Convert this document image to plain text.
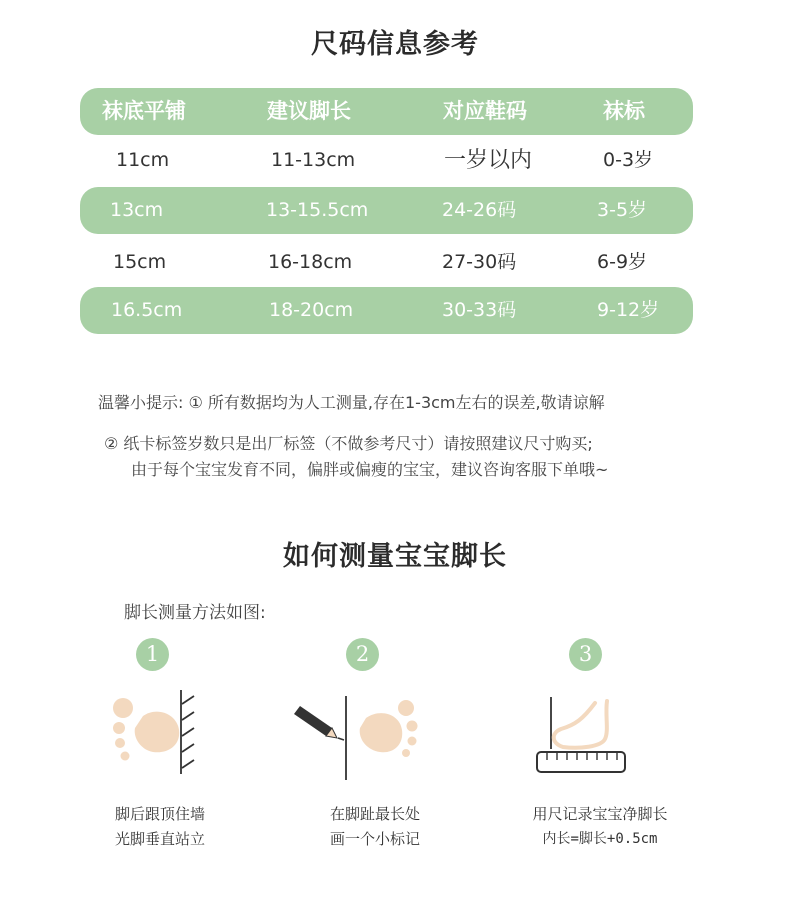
尺码信息参考
袜底平铺	建议脚长	对应鞋码	袜标
11cm	11-13cm	一岁以内	0-3岁
13cm	13-15.5cm	24-26码	3-5岁
15cm	16-18cm	27-30码	6-9岁
16.5cm	18-20cm	30-33码	9-12岁
温馨小提示: ① 所有数据均为人工测量,存在1-3cm左右的误差,敬请谅解
② 纸卡标签岁数只是出厂标签（不做参考尺寸）请按照建议尺寸购买;
由于每个宝宝发育不同，偏胖或偏瘦的宝宝，建议咨询客服下单哦~
如何测量宝宝脚长
脚长测量方法如图:
1
脚后跟顶住墙
光脚垂直站立
2
在脚趾最长处
画一个小标记
3
用尺记录宝宝净脚长
内长=脚长+0.5cm
